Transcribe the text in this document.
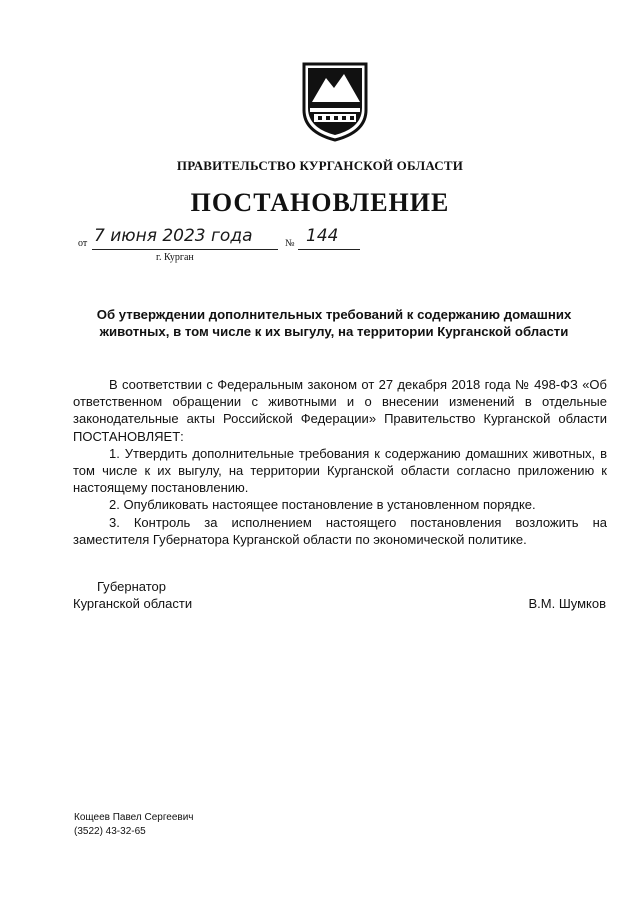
ПРАВИТЕЛЬСТВО КУРГАНСКОЙ ОБЛАСТИ
ПОСТАНОВЛЕНИЕ
от 7 июня 2023 года	№ 144
г. Курган
Об утверждении дополнительных требований к содержанию домашних
животных, в том числе к их выгулу, на территории Курганской области

В соответствии с Федеральным законом от 27 декабря 2018 года № 498-ФЗ «Об ответственном обращении с животными и о внесении изменений в отдельные законодательные акты Российской Федерации» Правительство Курганской области ПОСТАНОВЛЯЕТ:

1. Утвердить дополнительные требования к содержанию домашних животных, в том числе к их выгулу, на территории Курганской области согласно приложению к настоящему постановлению.

2. Опубликовать настоящее постановление в установленном порядке.

3. Контроль за исполнением настоящего постановления возложить на заместителя Губернатора Курганской области по экономической политике.

Губернатор
Курганской области	В.М. Шумков
Кощеев Павел Сергеевич
(3522) 43-32-65
